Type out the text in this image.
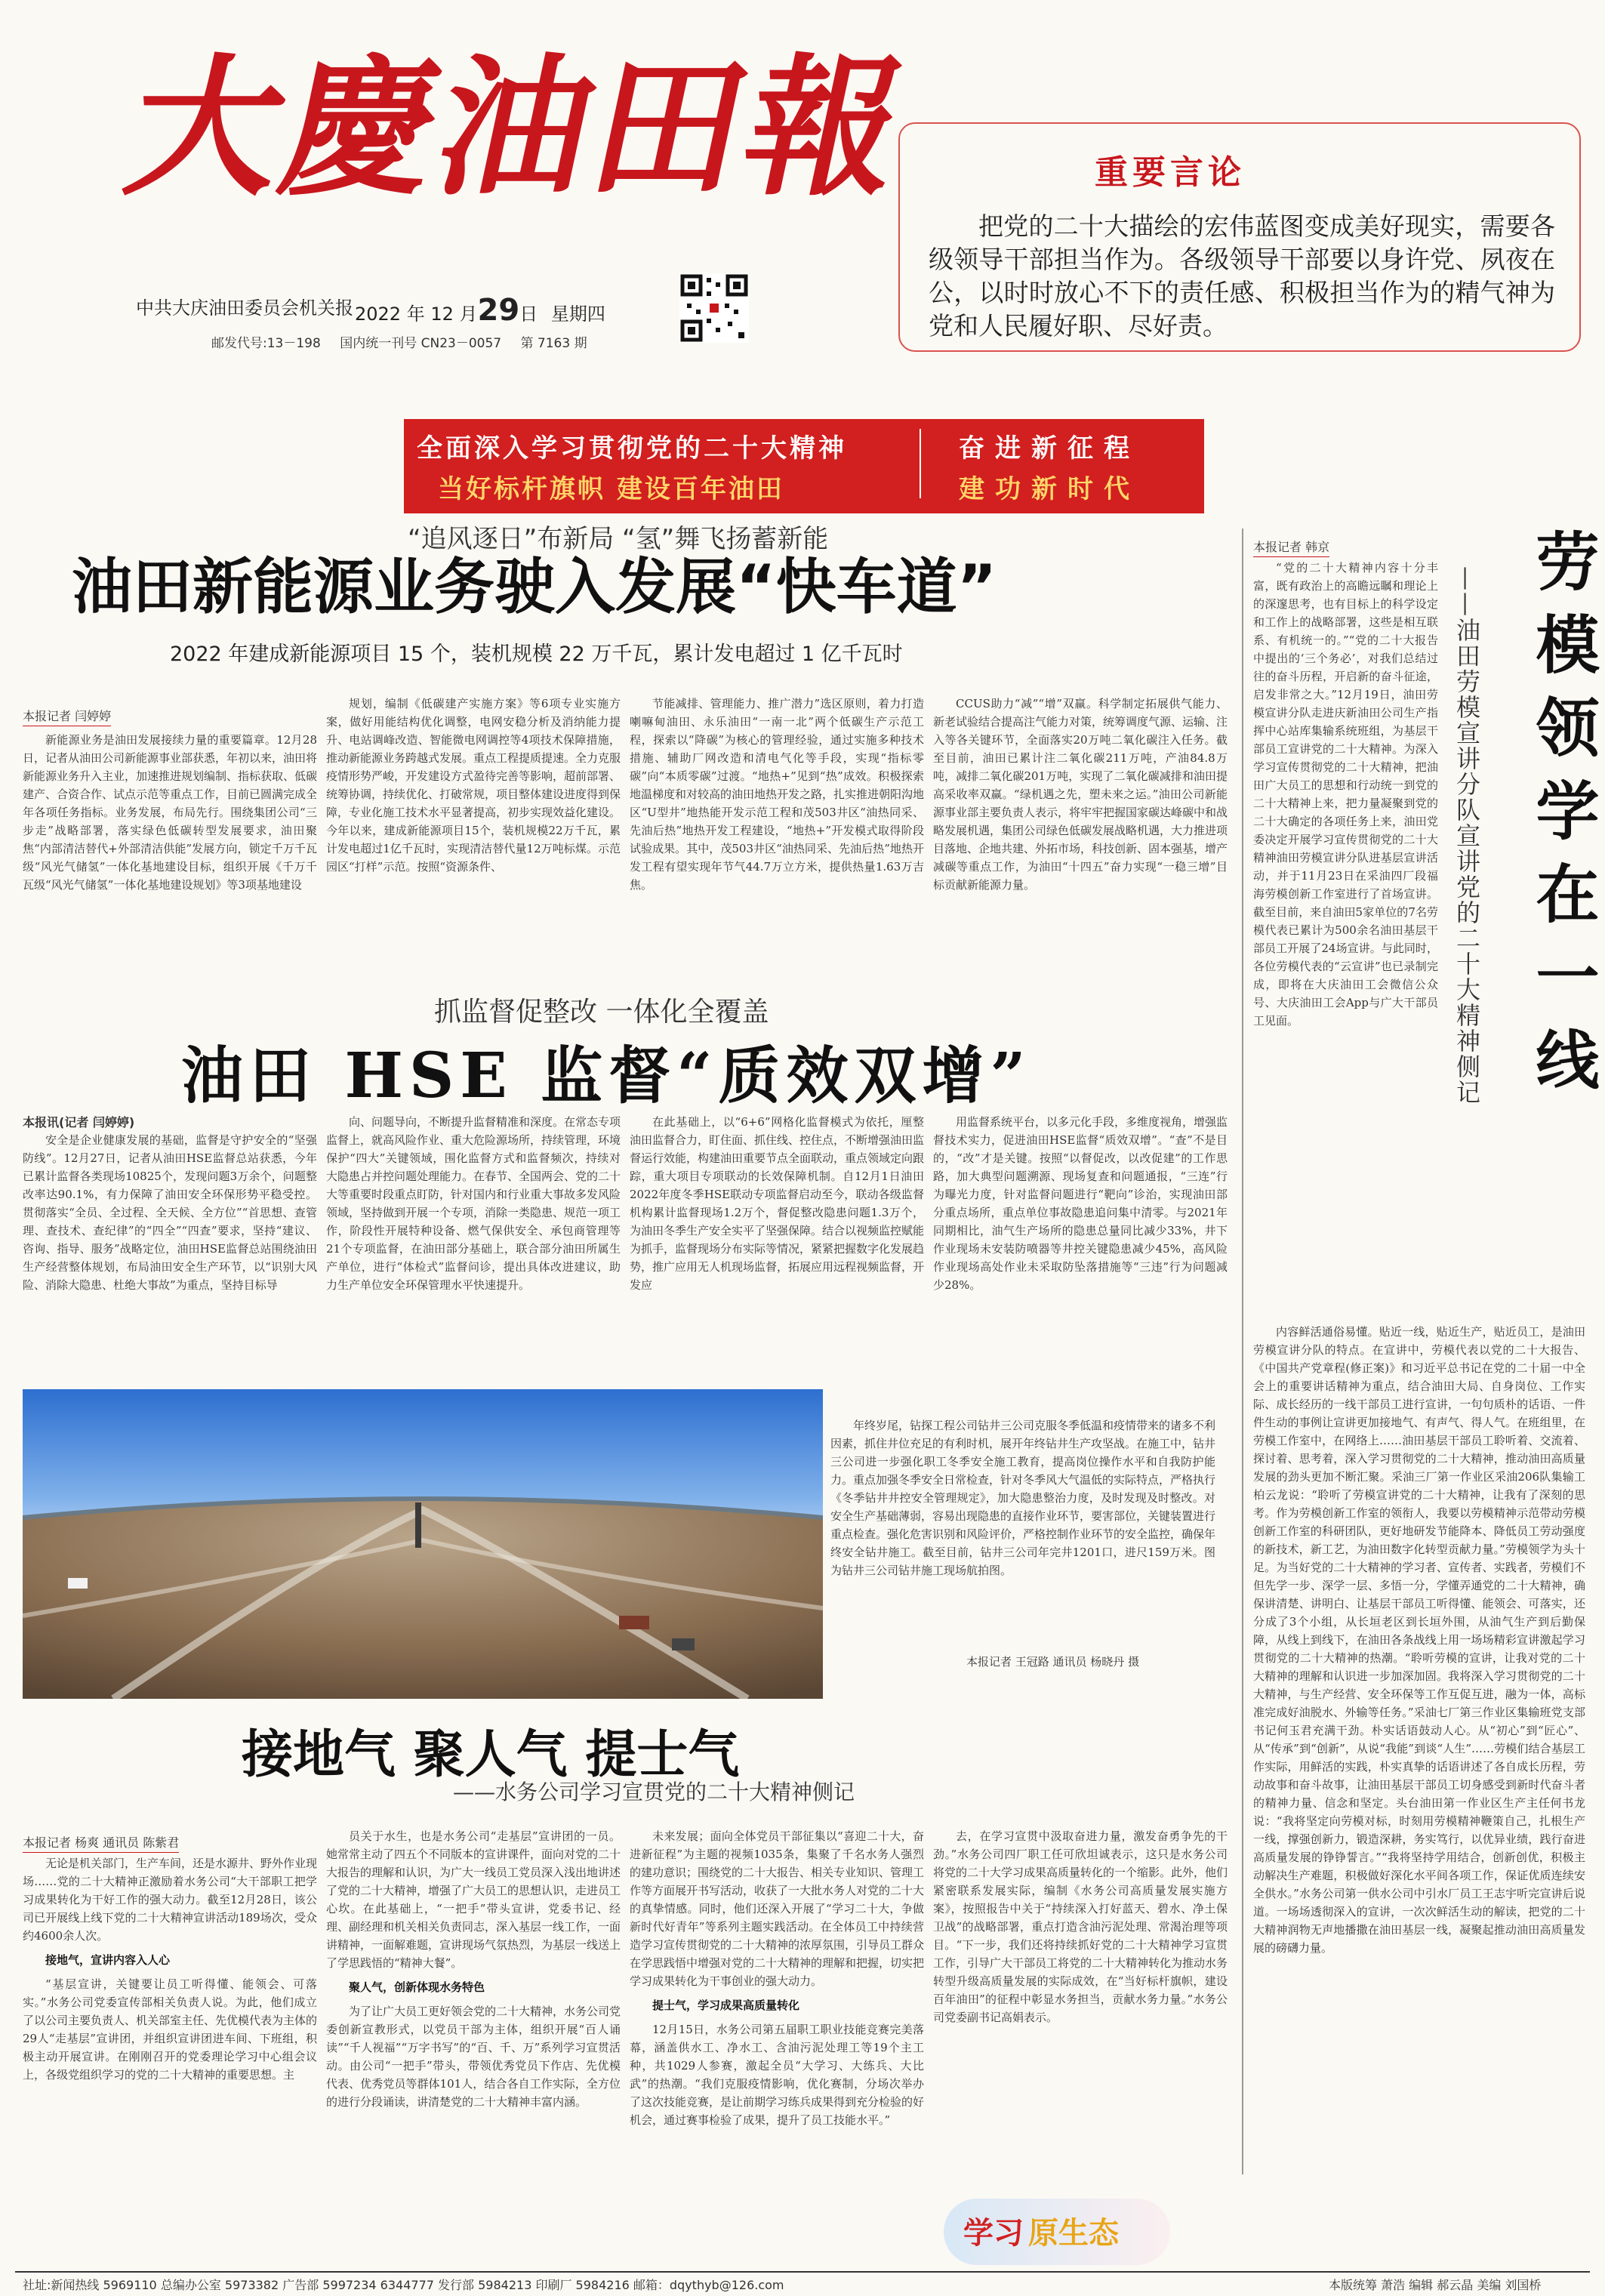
大慶油田報
中共大庆油田委员会机关报 2022 年 12 月29日 星期四
邮发代号:13－198 国内统一刊号 CN23－0057 第 7163 期
重要言论
把党的二十大描绘的宏伟蓝图变成美好现实，需要各级领导干部担当作为。各级领导干部要以身许党、夙夜在公，以时时放心不下的责任感、积极担当作为的精气神为党和人民履好职、尽好责。
全面深入学习贯彻党的二十大精神
当好标杆旗帜 建设百年油田
奋进新征程
建功新时代
“追风逐日”布新局 “氢”舞飞扬蓄新能
油田新能源业务驶入发展“快车道”
2022 年建成新能源项目 15 个，装机规模 22 万千瓦，累计发电超过 1 亿千瓦时
本报记者 闫婷婷

新能源业务是油田发展接续力量的重要篇章。12月28日，记者从油田公司新能源事业部获悉，年初以来，油田将新能源业务升入主业，加速推进规划编制、指标获取、低碳建产、合资合作、试点示范等重点工作，目前已圆满完成全年各项任务指标。业务发展，布局先行。围绕集团公司“三步走”战略部署，落实绿色低碳转型发展要求，油田聚焦“内部清洁替代+外部清洁供能”发展方向，锁定千万千瓦级“风光气储氢”一体化基地建设目标，组织开展《千万千瓦级“风光气储氢”一体化基地建设规划》等3项基地建设

规划，编制《低碳建产实施方案》等6项专业实施方案，做好用能结构优化调整，电网安稳分析及消纳能力提升、电站调峰改造、智能微电网调控等4项技术保障措施，推动新能源业务跨越式发展。重点工程提质提速。全力克服疫情形势严峻，开发建设方式盈待完善等影响，超前部署、统筹协调，持续优化、打破常规，项目整体建设进度得到保障，专业化施工技术水平显著提高，初步实现效益化建设。今年以来，建成新能源项目15个，装机规模22万千瓦，累计发电超过1亿千瓦时，实现清洁替代量12万吨标煤。示范园区“打样”示范。按照“资源条件、

节能减排、管理能力、推广潜力”选区原则，着力打造喇嘛甸油田、永乐油田“一南一北”两个低碳生产示范工程，探索以“降碳”为核心的管理经验，通过实施多种技术措施、辅助厂网改造和清电气化等手段，实现“指标零碳”向“本质零碳”过渡。“地热+”见到“热”成效。积极探索地温梯度和对较高的油田地热开发之路，扎实推进朝阳沟地区“U型井”地热能开发示范工程和茂503井区“油热同采、先油后热”地热开发工程建设，“地热+”开发模式取得阶段试验成果。其中，茂503井区“油热同采、先油后热”地热开发工程有望实现年节气44.7万立方米，提供热量1.63万吉焦。

CCUS助力“减”“增”双赢。科学制定拓展供气能力、新老试验结合提高注气能力对策，统筹调度气源、运输、注入等各关键环节，全面落实20万吨二氧化碳注入任务。截至目前，油田已累计注二氧化碳211万吨，产油84.8万吨，减排二氧化碳201万吨，实现了二氧化碳减排和油田提高采收率双赢。“绿机遇之先，塑未来之运。”油田公司新能源事业部主要负责人表示，将牢牢把握国家碳达峰碳中和战略发展机遇，集团公司绿色低碳发展战略机遇，大力推进项目落地、企地共建、外拓市场，科技创新、固本强基，增产减碳等重点工作，为油田“十四五”奋力实现“一稳三增”目标贡献新能源力量。

抓监督促整改 一体化全覆盖
油田 HSE 监督“质效双增”
本报讯(记者 闫婷婷)

安全是企业健康发展的基础，监督是守护安全的“坚强防线”。12月27日，记者从油田HSE监督总站获悉，今年已累计监督各类现场10825个，发现问题3万余个，问题整改率达90.1%，有力保障了油田安全环保形势平稳受控。贯彻落实“全员、全过程、全天候、全方位”“首思想、查管理、查技术、查纪律”的“四全”“四查”要求，坚持“建议、咨询、指导、服务”战略定位，油田HSE监督总站围绕油田生产经营整体规划，布局油田安全生产环节，以“识别大风险、消除大隐患、杜绝大事故”为重点，坚持目标导

向、问题导向，不断提升监督精准和深度。在常态专项监督上，就高风险作业、重大危险源场所，持续管理，环境保护“四大”关键领域，围化监督方式和监督频次，持续对大隐患占并控问题处理能力。在春节、全国两会、党的二十大等重要时段重点盯防，针对国内和行业重大事故多发风险领域，坚持做到开展一个专项，消除一类隐患、规范一项工作，阶段性开展特种设备、燃气保供安全、承包商管理等21个专项监督，在油田部分基础上，联合部分油田所属生产单位，进行“体检式”监督问诊，提出具体改进建议，助力生产单位安全环保管理水平快速提升。

在此基础上，以“6+6”网格化监督模式为依托，厘整油田监督合力，盯住面、抓住线、控住点，不断增强油田监督运行效能，构建油田重要节点全面联动，重点领域定向跟踪，重大项目专项联动的长效保障机制。自12月1日油田2022年度冬季HSE联动专项监督启动至今，联动各级监督机构累计监督现场1.2万个，督促整改隐患问题1.3万个，为油田冬季生产安全实平了坚强保障。结合以视频监控赋能为抓手，监督现场分布实际等情况，紧紧把握数字化发展趋势，推广应用无人机现场监督，拓展应用远程视频监督，开发应

用监督系统平台，以多元化手段，多维度视角，增强监督技术实力，促进油田HSE监督“质效双增”。“查”不是目的，“改”才是关键。按照“以督促改，以改促建”的工作思路，加大典型问题溯源、现场复查和问题通报，“三连”行为曝光力度，针对监督问题进行“靶向”诊治，实现油田部分重点场所，重点单位事故隐患追问集中清零。与2021年同期相比，油气生产场所的隐患总量同比减少33%，井下作业现场未安装防喷器等井控关键隐患减少45%，高风险作业现场高处作业未采取防坠落措施等“三违”行为问题减少28%。

年终岁尾，钻探工程公司钻井三公司克服冬季低温和疫情带来的诸多不利因素，抓住井位充足的有利时机，展开年终钻井生产攻坚战。在施工中，钻井三公司进一步强化职工冬季安全施工教育，提高岗位操作水平和自我防护能力。重点加强冬季安全日常检查，针对冬季风大气温低的实际特点，严格执行《冬季钻井井控安全管理规定》，加大隐患整治力度，及时发现及时整改。对安全生产基础薄弱，容易出现隐患的直接作业环节，要害部位，关键装置进行重点检查。强化危害识别和风险评价，严格控制作业环节的安全监控，确保年终安全钻井施工。截至目前，钻井三公司年完井1201口，进尺159万米。图为钻井三公司钻井施工现场航拍图。
本报记者 王冠路 通讯员 杨晓丹 摄
本报记者 韩京	劳模领学在一线
——油田劳模宣讲分队宣讲党的二十大精神侧记

“党的二十大精神内容十分丰富，既有政治上的高瞻远瞩和理论上的深邃思考，也有目标上的科学设定和工作上的战略部署，这些是相互联系、有机统一的。”“党的二十大报告中提出的‘三个务必’，对我们总结过往的奋斗历程，开启新的奋斗征途，启发非常之大。”12月19日，油田劳模宣讲分队走进庆新油田公司生产指挥中心站库集输系统班组，为基层干部员工宣讲党的二十大精神。为深入学习宣传贯彻党的二十大精神，把油田广大员工的思想和行动统一到党的二十大精神上来，把力量凝聚到党的二十大确定的各项任务上来，油田党委决定开展学习宣传贯彻党的二十大精神油田劳模宣讲分队进基层宣讲活动，并于11月23日在采油四厂段福海劳模创新工作室进行了首场宣讲。截至目前，来自油田5家单位的7名劳模代表已累计为500余名油田基层干部员工开展了24场宣讲。与此同时，各位劳模代表的“云宣讲”也已录制完成，即将在大庆油田工会微信公众号、大庆油田工会App与广大干部员工见面。

内容鲜活通俗易懂。贴近一线，贴近生产，贴近员工，是油田劳模宣讲分队的特点。在宣讲中，劳模代表以党的二十大报告、《中国共产党章程(修正案)》和习近平总书记在党的二十届一中全会上的重要讲话精神为重点，结合油田大局、自身岗位、工作实际、成长经历的一线干部员工进行宣讲，一句句质朴的话语、一件件生动的事例让宣讲更加接地气、有声气、得人气。在班组里，在劳模工作室中，在网络上……油田基层干部员工聆听着、交流着、探讨着、思考着，深入学习贯彻党的二十大精神，推动油田高质量发展的劲头更加不断汇聚。采油三厂第一作业区采油206队集输工柏云龙说：“聆听了劳模宣讲党的二十大精神，让我有了深刻的思考。作为劳模创新工作室的领衔人，我要以劳模精神示范带动劳模创新工作室的科研团队，更好地研发节能降本、降低员工劳动强度的新技术，新工艺，为油田数字化转型贡献力量。”劳模领学为头十足。为当好党的二十大精神的学习者、宣传者、实践者，劳模们不但先学一步、深学一层、多悟一分，学懂弄通党的二十大精神，确保讲清楚、讲明白、让基层干部员工听得懂、能领会、可落实，还分成了3个小组，从长垣老区到长垣外围，从油气生产到后勤保障，从线上到线下，在油田各条战线上用一场场精彩宣讲激起学习贯彻党的二十大精神的热潮。“聆听劳模的宣讲，让我对党的二十大精神的理解和认识进一步加深加固。我将深入学习贯彻党的二十大精神，与生产经营、安全环保等工作互促互进，融为一体，高标准完成好油脱水、外输等任务。”采油七厂第三作业区集输班党支部书记何玉君充满干劲。朴实话语鼓动人心。从“初心”到“匠心”、从“传承”到“创新”，从说“我能”到谈“人生”……劳模们结合基层工作实际，用鲜活的实践，朴实真挚的话语讲述了各自成长历程，劳动故事和奋斗故事，让油田基层干部员工切身感受到新时代奋斗者的精神力量、信念和坚定。头台油田第一作业区生产主任何书龙说：“我将坚定向劳模对标，时刻用劳模精神鞭策自己，扎根生产一线，撑强创新力，锻造深耕，务实笃行，以优异业绩，践行奋进高质量发展的铮铮誓言。”“我将坚持学用结合，创新创优，积极主动解决生产难题，积极做好深化水平间各项工作，保证优质连续安全供水。”水务公司第一供水公司中引水厂员工王志宇听完宣讲后说道。一场场透彻深入的宣讲，一次次鲜活生动的解读，把党的二十大精神润物无声地播撒在油田基层一线，凝聚起推动油田高质量发展的磅礴力量。

接地气 聚人气 提士气
——水务公司学习宣贯党的二十大精神侧记
本报记者 杨爽 通讯员 陈紫君

无论是机关部门，生产车间，还是水源井、野外作业现场……党的二十大精神正激励着水务公司“大干部职工把学习成果转化为干好工作的强大动力。截至12月28日，该公司已开展线上线下党的二十大精神宣讲活动189场次，受众约4600余人次。

接地气，宣讲内容入人心

“基层宣讲，关键要让员工听得懂、能领会、可落实。”水务公司党委宣传部相关负责人说。为此，他们成立了以公司主要负责人、机关部室主任、先优模代表为主体的29人“走基层”宣讲团，并组织宣讲团进车间、下班组，积极主动开展宣讲。在刚刚召开的党委理论学习中心组会议上，各级党组织学习的党的二十大精神的重要思想。主

员关于水生，也是水务公司“走基层”宣讲团的一员。她常常主动了四五个不同版本的宣讲课件，面向对党的二十大报告的理解和认识，为广大一线员工党员深入浅出地讲述了党的二十大精神，增强了广大员工的思想认识，走进员工心坎。在此基础上，“一把手”带头宣讲，党委书记、经理、副经理和机关相关负责同志，深入基层一线工作，一面讲精神，一面解难题，宣讲现场气氛热烈，为基层一线送上了学思践悟的“精神大餐”。

聚人气，创新体现水务特色

为了让广大员工更好领会党的二十大精神，水务公司党委创新宣教形式，以党员干部为主体，组织开展“百人诵读”“千人视福”“万字书写”的“百、千、万”系列学习宣贯活动。由公司“一把手”带头，带领优秀党员下作店、先优模代表、优秀党员等群体101人，结合各自工作实际，全方位的进行分段诵读，讲清楚党的二十大精神丰富内涵。

未来发展；面向全体党员干部征集以“喜迎二十大，奋进新征程”为主题的视频1035条，集聚了千名水务人强烈的建功意识；围绕党的二十大报告、相关专业知识、管理工作等方面展开书写活动，收获了一大批水务人对党的二十大的真挚情感。同时，他们还深入开展了“学习二十大，争做新时代好青年”等系列主题实践活动。在全体员工中持续营造学习宣传贯彻党的二十大精神的浓厚氛围，引导员工群众在学思践悟中增强对党的二十大精神的理解和把握，切实把学习成果转化为干事创业的强大动力。

提士气，学习成果高质量转化

12月15日，水务公司第五届职工职业技能竞赛完美落幕，涵盖供水工、净水工、含油污泥处理工等19个主工种，共1029人参赛，激起全员“大学习、大练兵、大比武”的热潮。“我们克服疫情影响，优化赛制，分场次举办了这次技能竞赛，是让前期学习练兵成果得到充分检验的好机会，通过赛事检验了成果，提升了员工技能水平。”

去，在学习宣贯中汲取奋进力量，激发奋勇争先的干劲。”水务公司四厂职工任可欣坦诚表示，这只是水务公司将党的二十大学习成果高质量转化的一个缩影。此外，他们紧密联系发展实际，编制《水务公司高质量发展实施方案》，按照报告中关于“持续深入打好蓝天、碧水、净土保卫战”的战略部署，重点打造含油污泥处理、常渴治理等项目。“下一步，我们还将持续抓好党的二十大精神学习宣贯工作，引导广大干部员工将党的二十大精神转化为推动水务转型升级高质量发展的实际成效，在“当好标杆旗帜，建设百年油田”的征程中彰显水务担当，贡献水务力量。”水务公司党委副书记高娟表示。

学习 原生态
社址:新闻热线 5969110 总编办公室 5973382 广告部 5997234 6344777 发行部 5984213 印刷厂 5984216 邮箱：dqythyb@126.com	本版统筹 萧浩 编辑 郝云晶 美编 刘国桥
